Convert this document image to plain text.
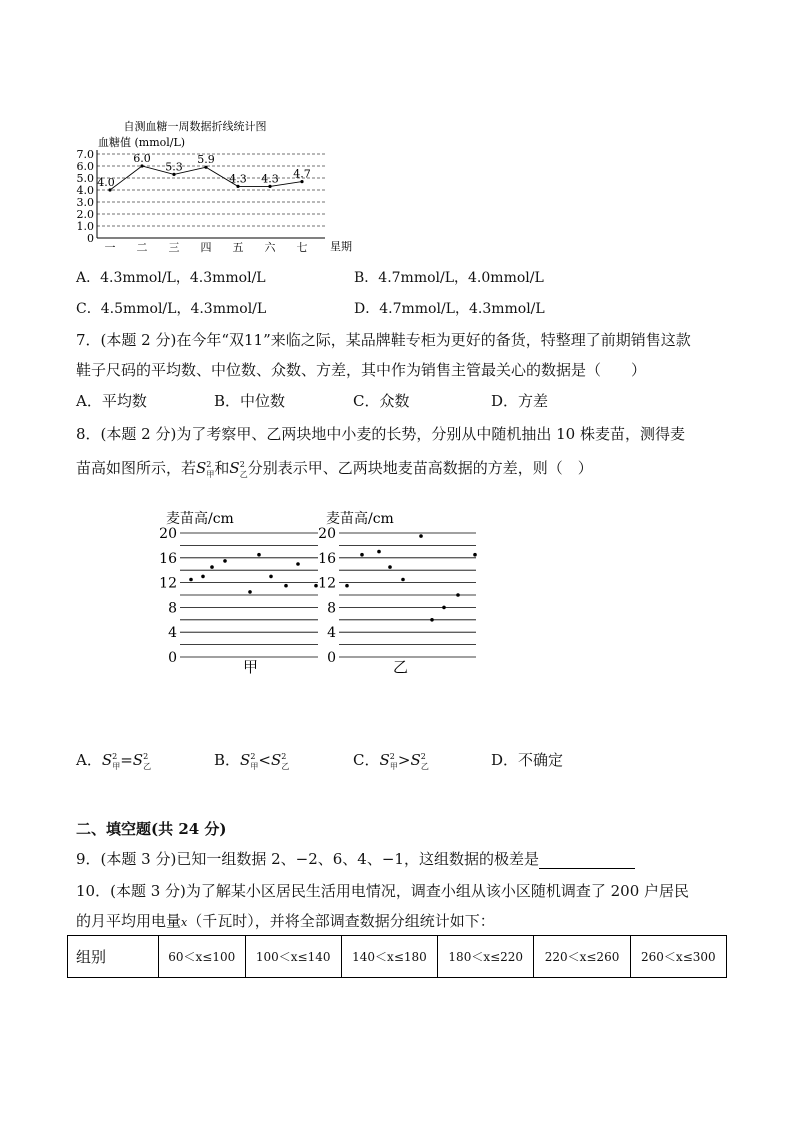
自测血糖一周数据折线统计图
血糖值 (mmol/L)
星期
0
1.0
2.0
3.0
4.0
5.0
6.0
7.0
一 二 三 四 五 六 七
4.0
6.0
5.3
5.9
4.3 4.3 4.7
A．4.3mmol/L，4.3mmol/L	B．4.7mmol/L，4.0mmol/L
C．4.5mmol/L，4.3mmol/L	D．4.7mmol/L，4.3mmol/L
7．(本题 2 分)在今年“双11”来临之际，某品牌鞋专柜为更好的备货，特整理了前期销售这款
鞋子尺码的平均数、中位数、众数、方差，其中作为销售主管最关心的数据是（　　）
A．平均数	B．中位数	C．众数	D．方差
8．(本题 2 分)为了考察甲、乙两块地中小麦的长势，分别从中随机抽出 10 株麦苗，测得麦
苗高如图所示，若$S^2_甲$和$S^2_乙$分别表示甲、乙两块地麦苗高数据的方差，则（　）
麦苗高/cm
甲
0
4
8
12
16
20
麦苗高/cm
乙
0
4
8
12
16
20
A．$S^2_甲=S^2_乙$	B．$S^2_甲<S^2_乙$	C．$S^2_甲>S^2_乙$	D．不确定
二、填空题(共 24 分)
9．(本题 3 分)已知一组数据 2、−2、6、4、−1，这组数据的极差是
10．(本题 3 分)为了解某小区居民生活用电情况，调查小组从该小区随机调查了 200 户居民
的月平均用电量x（千瓦时），并将全部调查数据分组统计如下：
组别	60＜x≤100	100＜x≤140	140＜x≤180	180＜x≤220	220＜x≤260	260＜x≤300
